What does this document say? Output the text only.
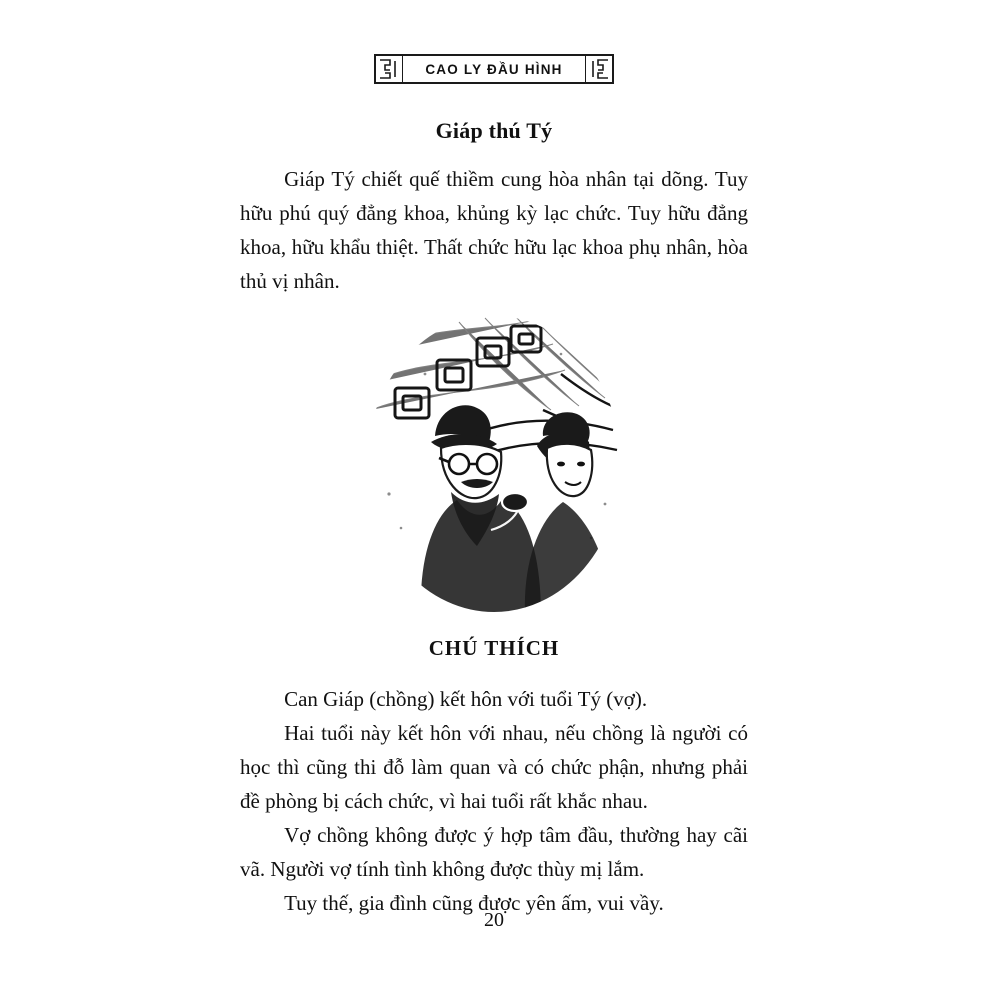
CAO LY ĐẦU HÌNH
Giáp thú Tý

Giáp Tý chiết quế thiềm cung hòa nhân tại dõng. Tuy hữu phú quý đẳng khoa, khủng kỳ lạc chức. Tuy hữu đẳng khoa, hữu khẩu thiệt. Thất chức hữu lạc khoa phụ nhân, hòa thủ vị nhân.

CHÚ THÍCH

Can Giáp (chồng) kết hôn với tuổi Tý (vợ).

Hai tuổi này kết hôn với nhau, nếu chồng là người có học thì cũng thi đỗ làm quan và có chức phận, nhưng phải đề phòng bị cách chức, vì hai tuổi rất khắc nhau.

Vợ chồng không được ý hợp tâm đầu, thường hay cãi vã. Người vợ tính tình không được thùy mị lắm.

Tuy thế, gia đình cũng được yên ấm, vui vầy.

20
